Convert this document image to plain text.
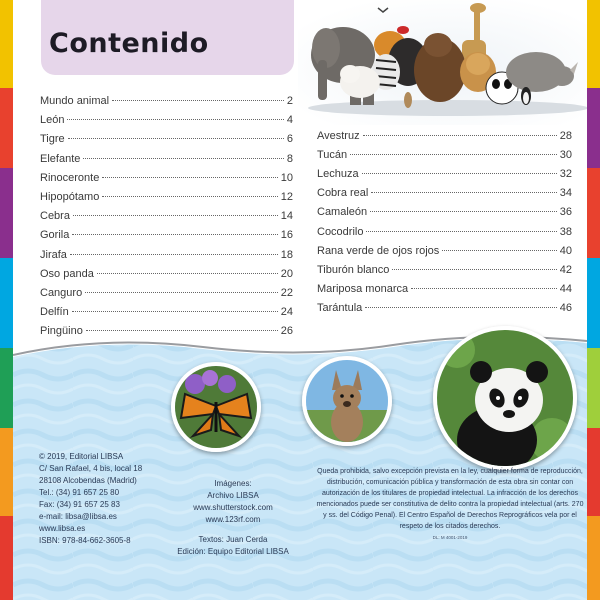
Contenido
Mundo animal	2
León	4
Tigre	6
Elefante	8
Rinoceronte	10
Hipopótamo	12
Cebra	14
Gorila	16
Jirafa	18
Oso panda	20
Canguro	22
Delfín	24
Pingüino	26
Avestruz	28
Tucán	30
Lechuza	32
Cobra real	34
Camaleón	36
Cocodrilo	38
Rana verde de ojos rojos	40
Tiburón blanco	42
Mariposa monarca	44
Tarántula	46
© 2019, Editorial LIBSA
C/ San Rafael, 4 bis, local 18
28108 Alcobendas (Madrid)
Tel.: (34) 91 657 25 80
Fax: (34) 91 657 25 83
e-mail: libsa@libsa.es
www.libsa.es
ISBN: 978-84-662-3605-8
Imágenes:
Archivo LIBSA
www.shutterstock.com
www.123rf.com
Textos: Juan Cerda
Edición: Equipo Editorial LIBSA
Queda prohibida, salvo excepción prevista en la ley, cualquier forma de reproducción, distribución, comunicación pública y transformación de esta obra sin contar con autorización de los titulares de propiedad intelectual. La infracción de los derechos mencionados puede ser constitutiva de delito contra la propiedad intelectual (arts. 270 y ss. del Código Penal). El Centro Español de Derechos Reprográficos vela por el respeto de los citados derechos.
DL: M 4001-2019
